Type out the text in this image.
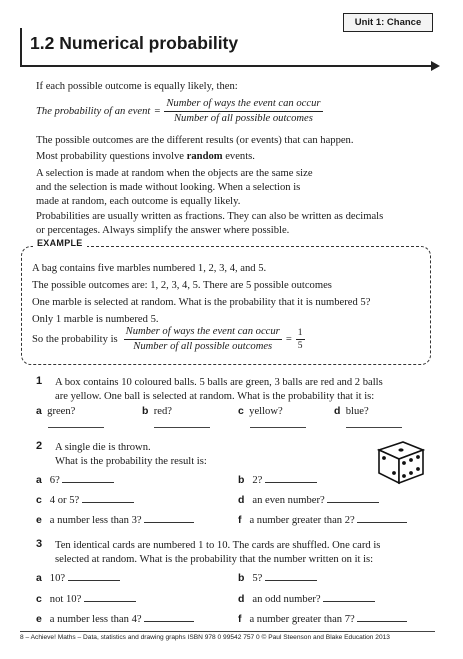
Unit 1: Chance
1.2 Numerical probability
If each possible outcome is equally likely, then:
The probability of an event = $\frac{\text{Number of ways the event can occur}}{\text{Number of all possible outcomes}}$
The possible outcomes are the different results (or events) that can happen.
Most probability questions involve random events.
A selection is made at random when the objects are the same size
and the selection is made without looking. When a selection is
made at random, each outcome is equally likely.
Probabilities are usually written as fractions. They can also be written as decimals
or percentages. Always simplify the answer where possible.
EXAMPLE
A bag contains five marbles numbered 1, 2, 3, 4, and 5.
The possible outcomes are: 1, 2, 3, 4, 5. There are 5 possible outcomes
One marble is selected at random. What is the probability that it is numbered 5?
Only 1 marble is numbered 5.
So the probability is $\frac{\text{Number of ways the event can occur}}{\text{Number of all possible outcomes}} = \frac{1}{5}$
1 A box contains 10 coloured balls. 5 balls are green, 3 balls are red and 2 balls
are yellow. One ball is selected at random. What is the probability that it is:
a green?	b red?	c yellow?	d blue?
2 A single die is thrown.
What is the probability the result is:
a 6?	b 2?
c 4 or 5?	d an even number?
e a number less than 3?	f a number greater than 2?
3 Ten identical cards are numbered 1 to 10. The cards are shuffled. One card is
selected at random. What is the probability that the number written on it is:
a 10?	b 5?
c not 10?	d an odd number?
e a number less than 4?	f a number greater than 7?
8 – Achieve! Maths – Data, statistics and drawing graphs ISBN 978 0 99542 757 0 © Paul Steenson and Blake Education 2013
